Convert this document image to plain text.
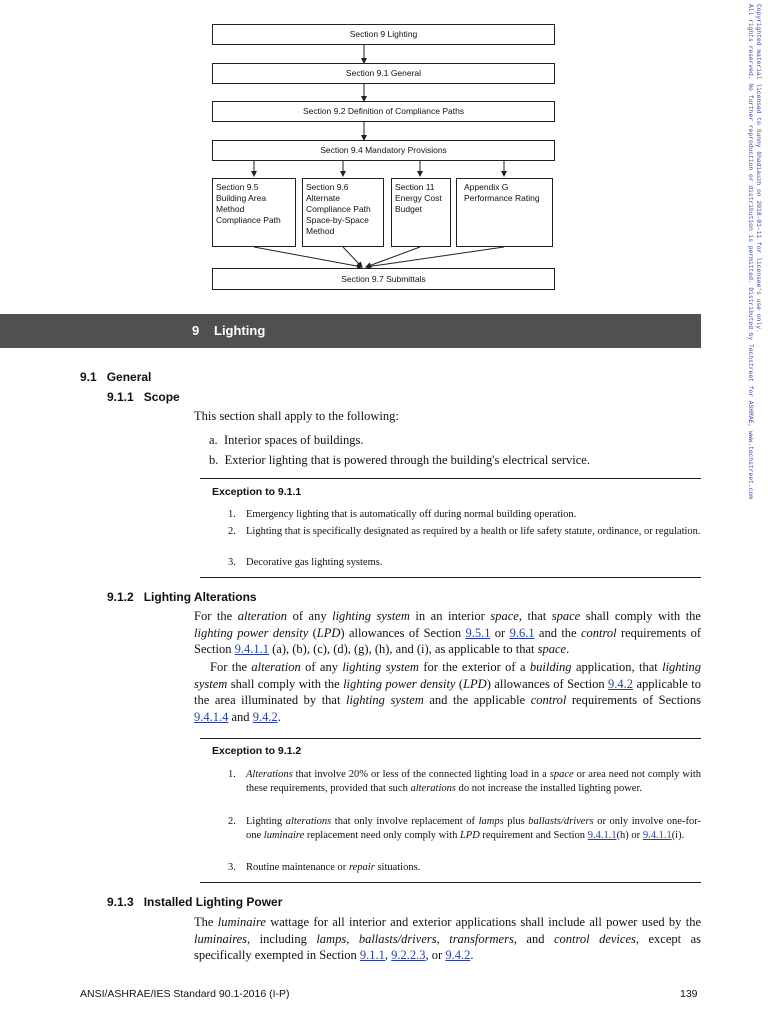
Section 9 Lighting
Section 9.1 General
Section 9.2 Definition of Compliance Paths
Section 9.4 Mandatory Provisions
Section 9.5
Building Area
Method
Compliance Path
Section 9.6
Alternate
Compliance Path
Space-by-Space
Method
Section 11
Energy Cost
Budget
Appendix G
Performance Rating
Section 9.7 Submittals
9 Lighting
9.1 General
9.1.1 Scope
This section shall apply to the following:
a. Interior spaces of buildings.
b. Exterior lighting that is powered through the building's electrical service.
Exception to 9.1.1
1. Emergency lighting that is automatically off during normal building operation.
2. Lighting that is specifically designated as required by a health or life safety statute, ordinance, or regulation.
3. Decorative gas lighting systems.
9.1.2 Lighting Alterations
For the alteration of any lighting system in an interior space, that space shall comply with the lighting power density (LPD) allowances of Section 9.5.1 or 9.6.1 and the control requirements of Section 9.4.1.1 (a), (b), (c), (d), (g), (h), and (i), as applicable to that space.
For the alteration of any lighting system for the exterior of a building application, that lighting system shall comply with the lighting power density (LPD) allowances of Section 9.4.2 applicable to the area illuminated by that lighting system and the applicable control requirements of Sections 9.4.1.4 and 9.4.2.
Exception to 9.1.2
1. Alterations that involve 20% or less of the connected lighting load in a space or area need not comply with these requirements, provided that such alterations do not increase the installed lighting power.
2. Lighting alterations that only involve replacement of lamps plus ballasts/drivers or only involve one-for-one luminaire replacement need only comply with LPD requirement and Section 9.4.1.1(h) or 9.4.1.1(i).
3. Routine maintenance or repair situations.
9.1.3 Installed Lighting Power
The luminaire wattage for all interior and exterior applications shall include all power used by the luminaires, including lamps, ballasts/drivers, transformers, and control devices, except as specifically exempted in Section 9.1.1, 9.2.2.3, or 9.4.2.
ANSI/ASHRAE/IES Standard 90.1-2016 (I-P)	139
Copyrighted material licensed to Sunny Ghadiauzh on 2018-01-11 for licensee's use only.
All rights reserved. No further reproduction or distribution is permitted. Distributed by Techstreet for ASHRAE, www.techstreet.com
